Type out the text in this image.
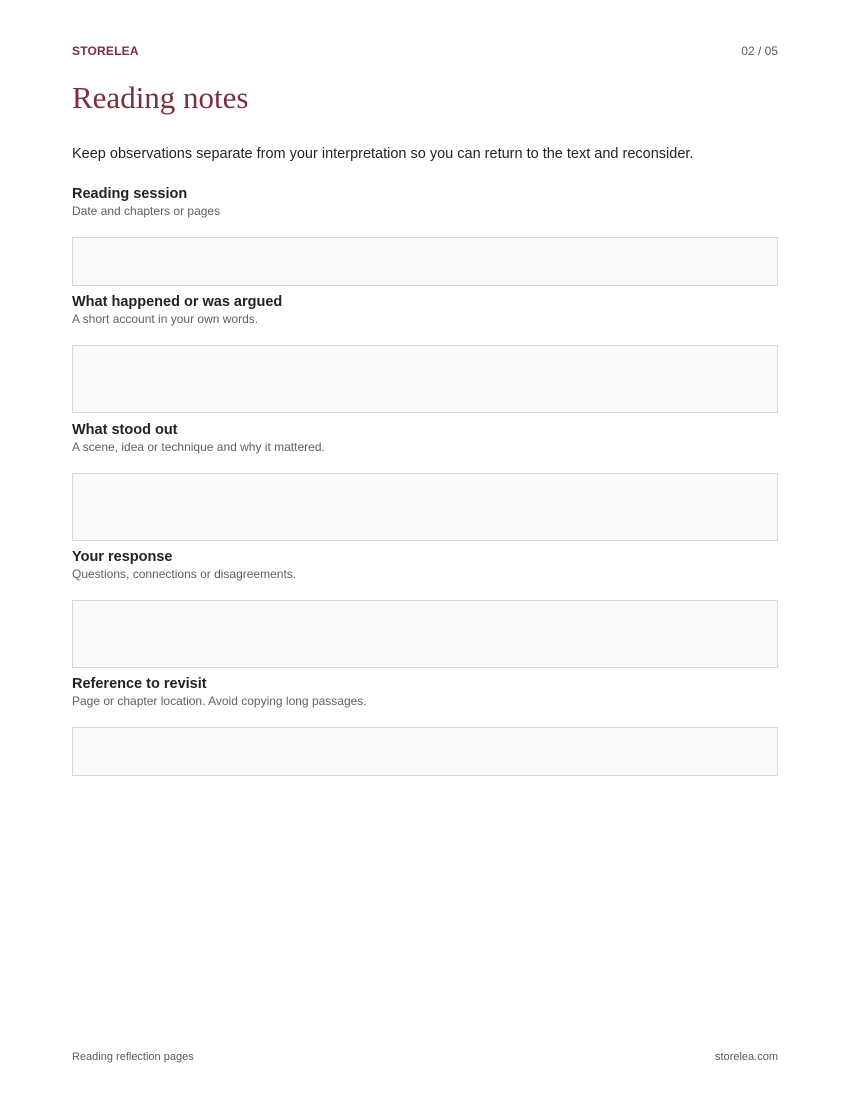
STORELEA	02 / 05
Reading notes

Keep observations separate from your interpretation so you can return to the text and reconsider.

Reading session

Date and chapters or pages

What happened or was argued

A short account in your own words.

What stood out

A scene, idea or technique and why it mattered.

Your response

Questions, connections or disagreements.

Reference to revisit

Page or chapter location. Avoid copying long passages.

Reading reflection pages	storelea.com
